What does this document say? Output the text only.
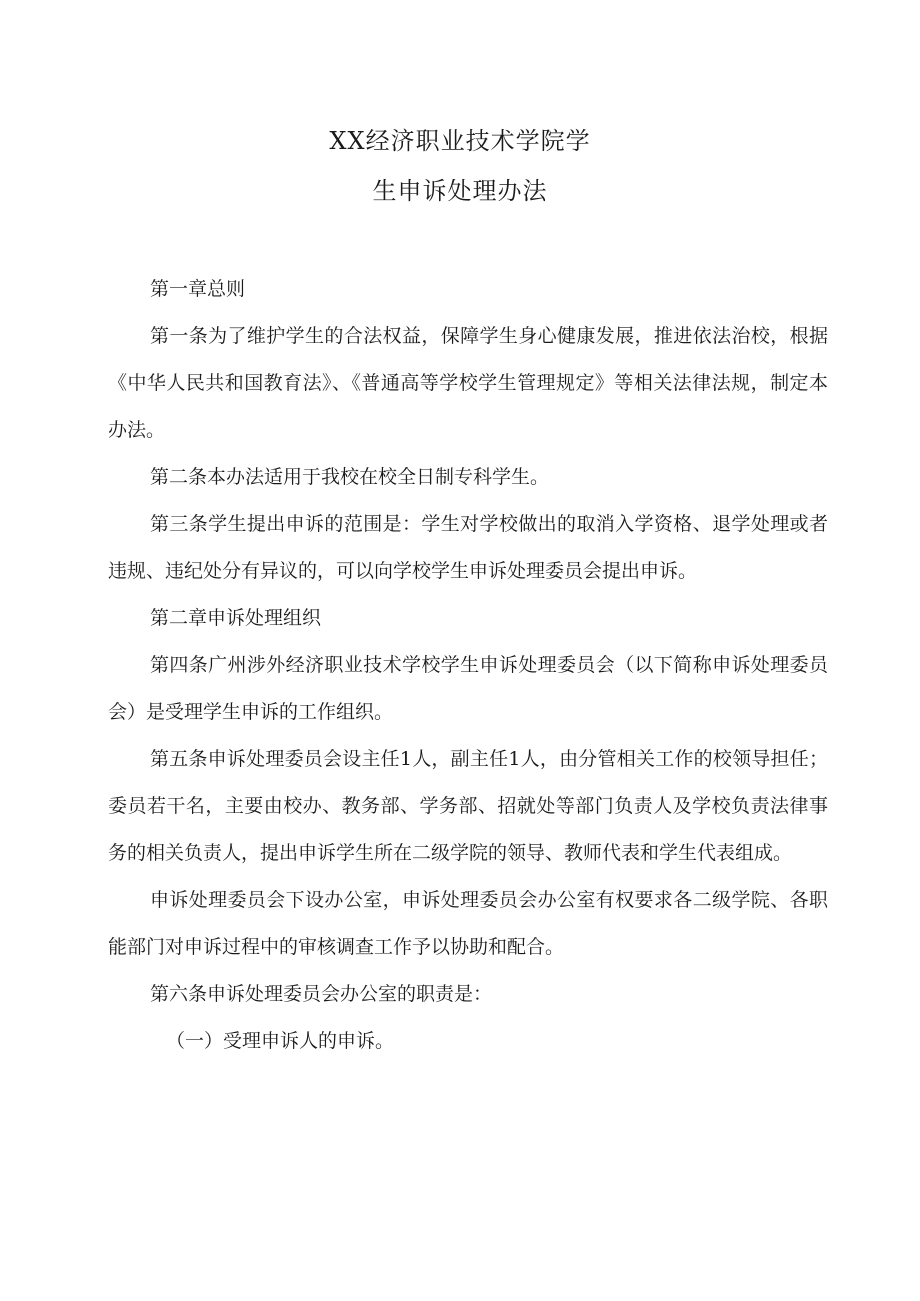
XX经济职业技术学院学
生申诉处理办法

第一章总则

第一条为了维护学生的合法权益，保障学生身心健康发展，推进依法治校，根据《中华人民共和国教育法》、《普通高等学校学生管理规定》等相关法律法规，制定本办法。

第二条本办法适用于我校在校全日制专科学生。

第三条学生提出申诉的范围是：学生对学校做出的取消入学资格、退学处理或者违规、违纪处分有异议的，可以向学校学生申诉处理委员会提出申诉。

第二章申诉处理组织

第四条广州涉外经济职业技术学校学生申诉处理委员会（以下简称申诉处理委员会）是受理学生申诉的工作组织。

第五条申诉处理委员会设主任1人，副主任1人，由分管相关工作的校领导担任；委员若干名，主要由校办、教务部、学务部、招就处等部门负责人及学校负责法律事务的相关负责人，提出申诉学生所在二级学院的领导、教师代表和学生代表组成。

申诉处理委员会下设办公室，申诉处理委员会办公室有权要求各二级学院、各职能部门对申诉过程中的审核调查工作予以协助和配合。

第六条申诉处理委员会办公室的职责是：

（一）受理申诉人的申诉。
